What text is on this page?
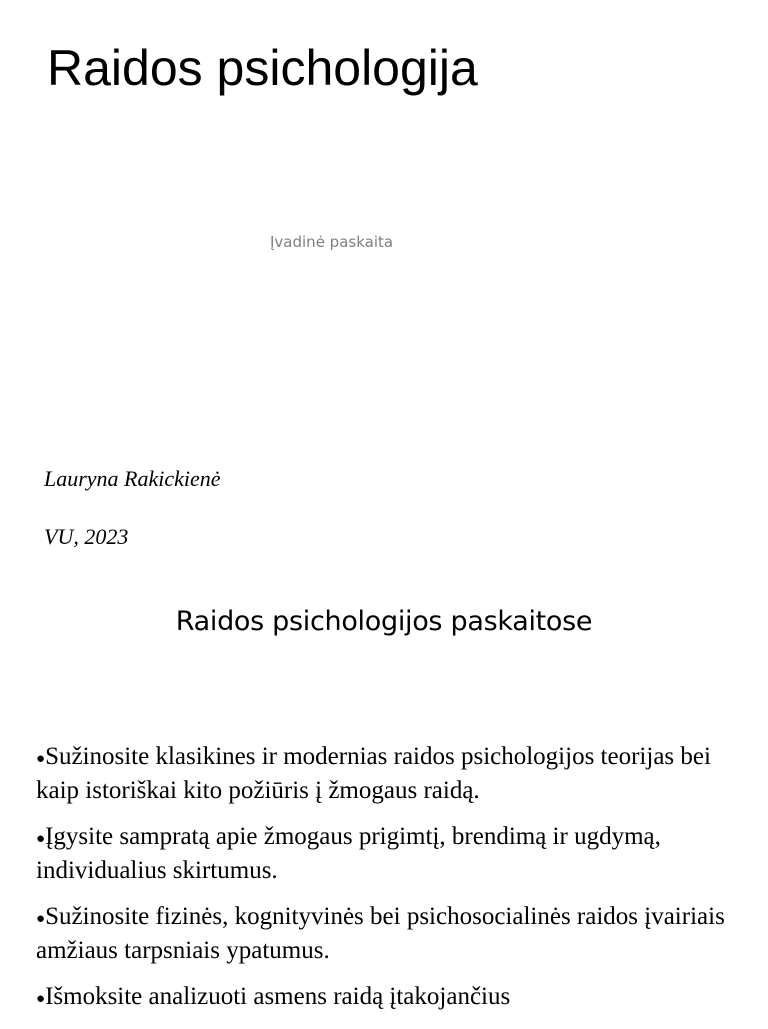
Raidos psichologija
Įvadinė paskaita
Lauryna Rakickienė
VU, 2023
Raidos psichologijos paskaitose
●Sužinosite klasikines ir modernias raidos psichologijos teorijas bei kaip istoriškai kito požiūris į žmogaus raidą.
●Įgysite sampratą apie žmogaus prigimtį, brendimą ir ugdymą, individualius skirtumus.
●Sužinosite fizinės, kognityvinės bei psichosocialinės raidos įvairiais amžiaus tarpsniais ypatumus.
●Išmoksite analizuoti asmens raidą įtakojančius
